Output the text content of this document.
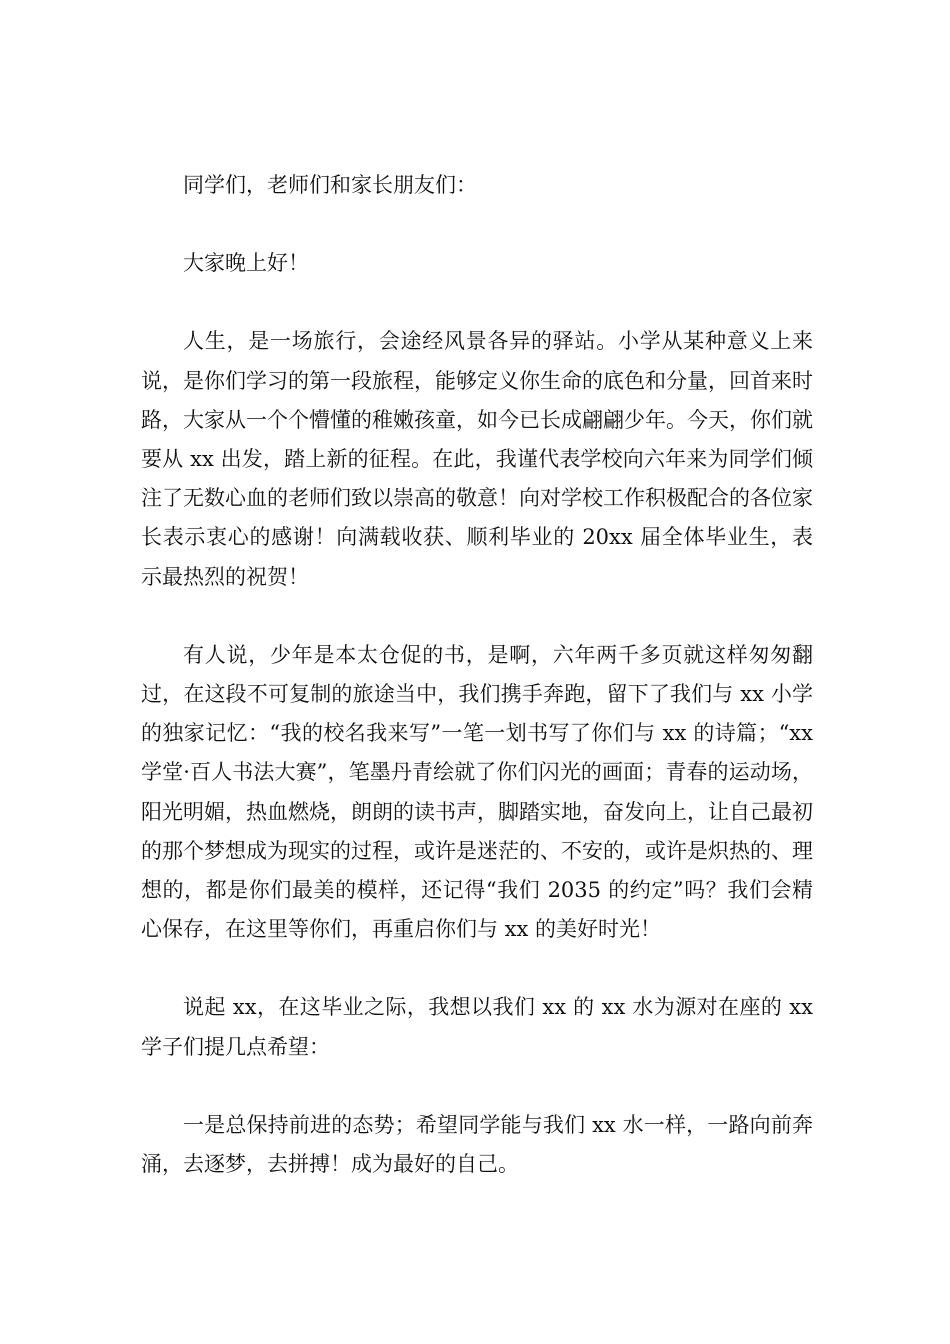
同学们，老师们和家长朋友们：

大家晚上好！

人生，是一场旅行，会途经风景各异的驿站。小学从某种意义上来说，是你们学习的第一段旅程，能够定义你生命的底色和分量，回首来时路，大家从一个个懵懂的稚嫩孩童，如今已长成翩翩少年。今天，你们就要从 xx 出发，踏上新的征程。在此，我谨代表学校向六年来为同学们倾注了无数心血的老师们致以崇高的敬意！向对学校工作积极配合的各位家长表示衷心的感谢！向满载收获、顺利毕业的 20xx 届全体毕业生，表示最热烈的祝贺！

有人说，少年是本太仓促的书，是啊，六年两千多页就这样匆匆翻过，在这段不可复制的旅途当中，我们携手奔跑，留下了我们与 xx 小学的独家记忆：“我的校名我来写”一笔一划书写了你们与 xx 的诗篇；“xx 学堂·百人书法大赛”，笔墨丹青绘就了你们闪光的画面；青春的运动场，阳光明媚，热血燃烧，朗朗的读书声，脚踏实地，奋发向上，让自己最初的那个梦想成为现实的过程，或许是迷茫的、不安的，或许是炽热的、理想的，都是你们最美的模样，还记得“我们 2035 的约定”吗？我们会精心保存，在这里等你们，再重启你们与 xx 的美好时光！

说起 xx，在这毕业之际，我想以我们 xx 的 xx 水为源对在座的 xx 学子们提几点希望：

一是总保持前进的态势；希望同学能与我们 xx 水一样，一路向前奔涌，去逐梦，去拼搏！成为最好的自己。
